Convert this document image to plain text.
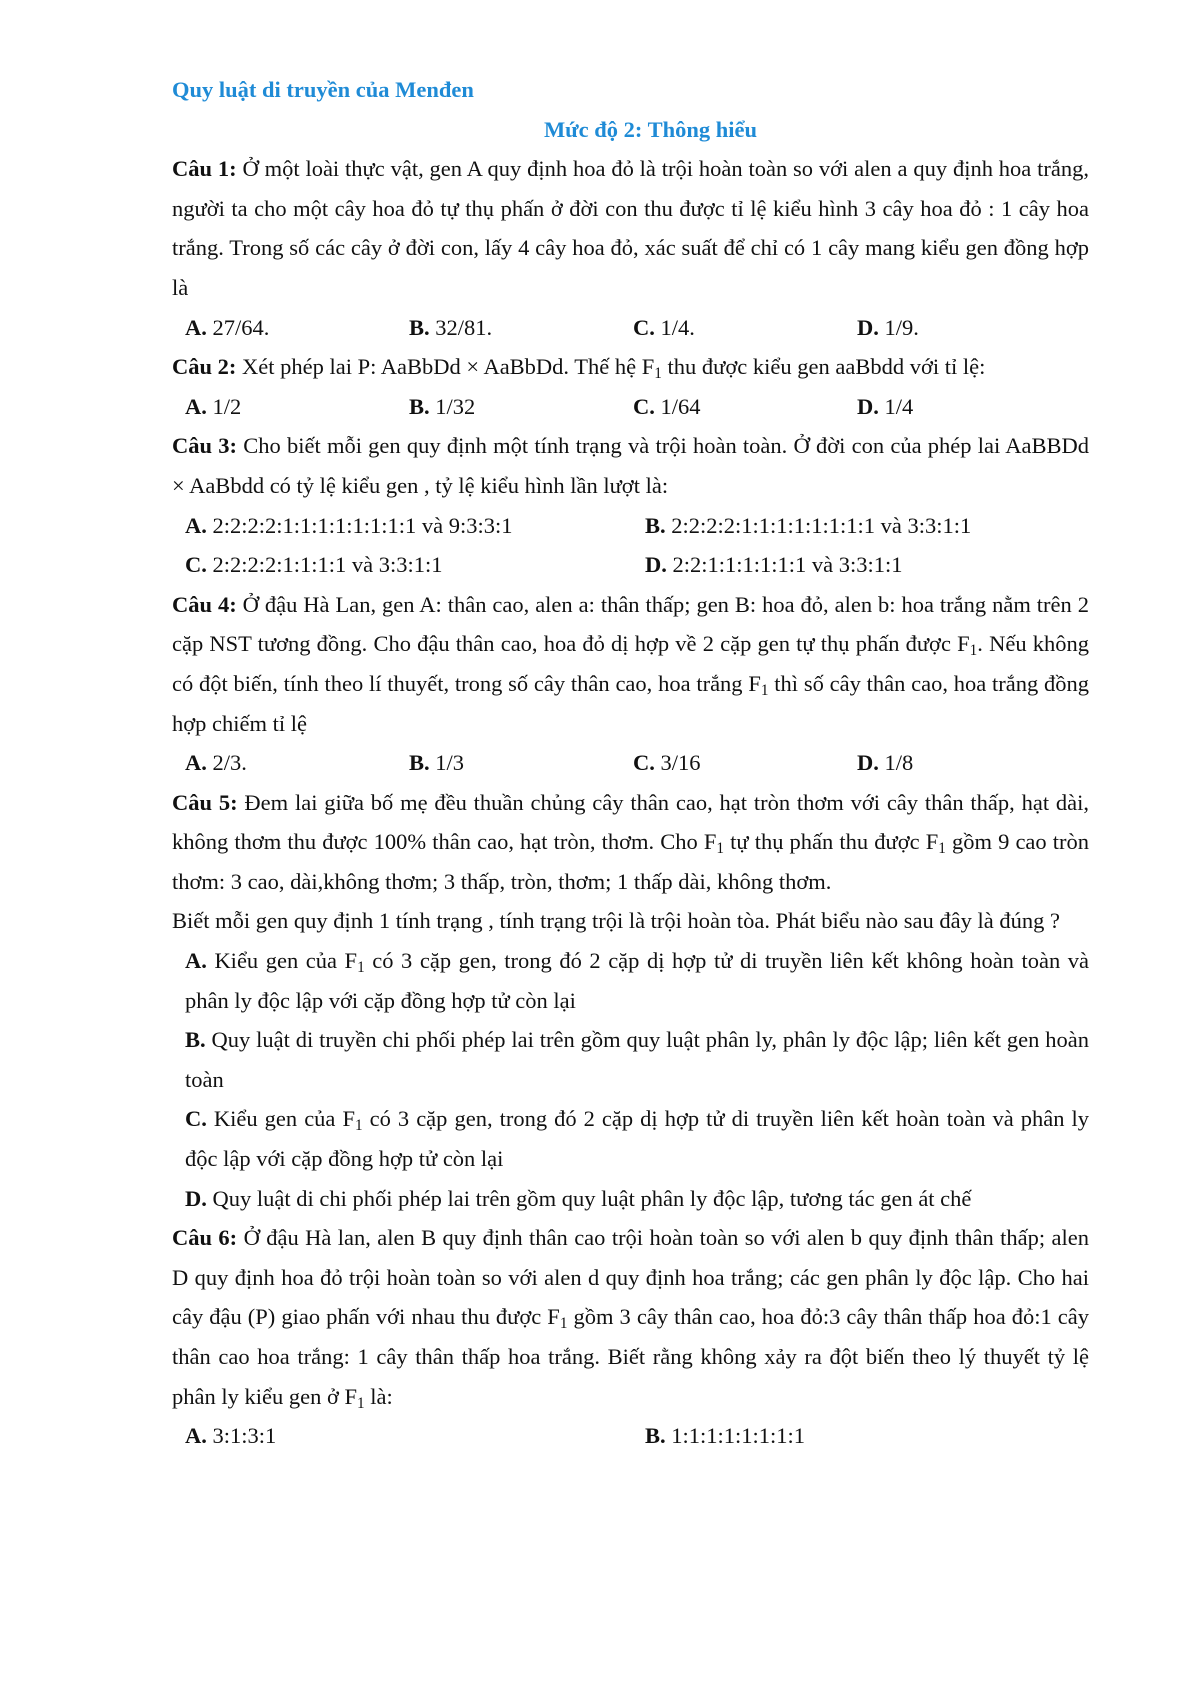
Quy luật di truyền của Menđen

Mức độ 2: Thông hiểu

Câu 1: Ở một loài thực vật, gen A quy định hoa đỏ là trội hoàn toàn so với alen a quy định hoa trắng, người ta cho một cây hoa đỏ tự thụ phấn ở đời con thu được tỉ lệ kiểu hình 3 cây hoa đỏ : 1 cây hoa trắng. Trong số các cây ở đời con, lấy 4 cây hoa đỏ, xác suất để chỉ có 1 cây mang kiểu gen đồng hợp là

A. 27/64.	B. 32/81.	C. 1/4.	D. 1/9.

Câu 2: Xét phép lai P: AaBbDd × AaBbDd. Thế hệ $F_1$ thu được kiểu gen aaBbdd với tỉ lệ:

A. 1/2	B. 1/32	C. 1/64	D. 1/4

Câu 3: Cho biết mỗi gen quy định một tính trạng và trội hoàn toàn. Ở đời con của phép lai AaBBDd × AaBbdd có tỷ lệ kiểu gen , tỷ lệ kiểu hình lần lượt là:

A. 2:2:2:2:1:1:1:1:1:1:1:1 và 9:3:3:1	B. 2:2:2:2:1:1:1:1:1:1:1:1 và 3:3:1:1
C. 2:2:2:2:1:1:1:1 và 3:3:1:1	D. 2:2:1:1:1:1:1:1 và 3:3:1:1

Câu 4: Ở đậu Hà Lan, gen A: thân cao, alen a: thân thấp; gen B: hoa đỏ, alen b: hoa trắng nằm trên 2 cặp NST tương đồng. Cho đậu thân cao, hoa đỏ dị hợp về 2 cặp gen tự thụ phấn được $F_1$. Nếu không có đột biến, tính theo lí thuyết, trong số cây thân cao, hoa trắng $F_1$ thì số cây thân cao, hoa trắng đồng hợp chiếm tỉ lệ

A. 2/3.	B. 1/3	C. 3/16	D. 1/8

Câu 5: Đem lai giữa bố mẹ đều thuần chủng cây thân cao, hạt tròn thơm với cây thân thấp, hạt dài, không thơm thu được 100% thân cao, hạt tròn, thơm. Cho $F_1$ tự thụ phấn thu được $F_1$ gồm 9 cao tròn thơm: 3 cao, dài,không thơm; 3 thấp, tròn, thơm; 1 thấp dài, không thơm.

Biết mỗi gen quy định 1 tính trạng , tính trạng trội là trội hoàn tòa. Phát biểu nào sau đây là đúng ?

A. Kiểu gen của $F_1$ có 3 cặp gen, trong đó 2 cặp dị hợp tử di truyền liên kết không hoàn toàn và phân ly độc lập với cặp đồng hợp tử còn lại

B. Quy luật di truyền chi phối phép lai trên gồm quy luật phân ly, phân ly độc lập; liên kết gen hoàn toàn

C. Kiểu gen của $F_1$ có 3 cặp gen, trong đó 2 cặp dị hợp tử di truyền liên kết hoàn toàn và phân ly độc lập với cặp đồng hợp tử còn lại

D. Quy luật di chi phối phép lai trên gồm quy luật phân ly độc lập, tương tác gen át chế

Câu 6: Ở đậu Hà lan, alen B quy định thân cao trội hoàn toàn so với alen b quy định thân thấp; alen D quy định hoa đỏ trội hoàn toàn so với alen d quy định hoa trắng; các gen phân ly độc lập. Cho hai cây đậu (P) giao phấn với nhau thu được $F_1$ gồm 3 cây thân cao, hoa đỏ:3 cây thân thấp hoa đỏ:1 cây thân cao hoa trắng: 1 cây thân thấp hoa trắng. Biết rằng không xảy ra đột biến theo lý thuyết tỷ lệ phân ly kiểu gen ở $F_1$ là:

A. 3:1:3:1	B. 1:1:1:1:1:1:1:1
